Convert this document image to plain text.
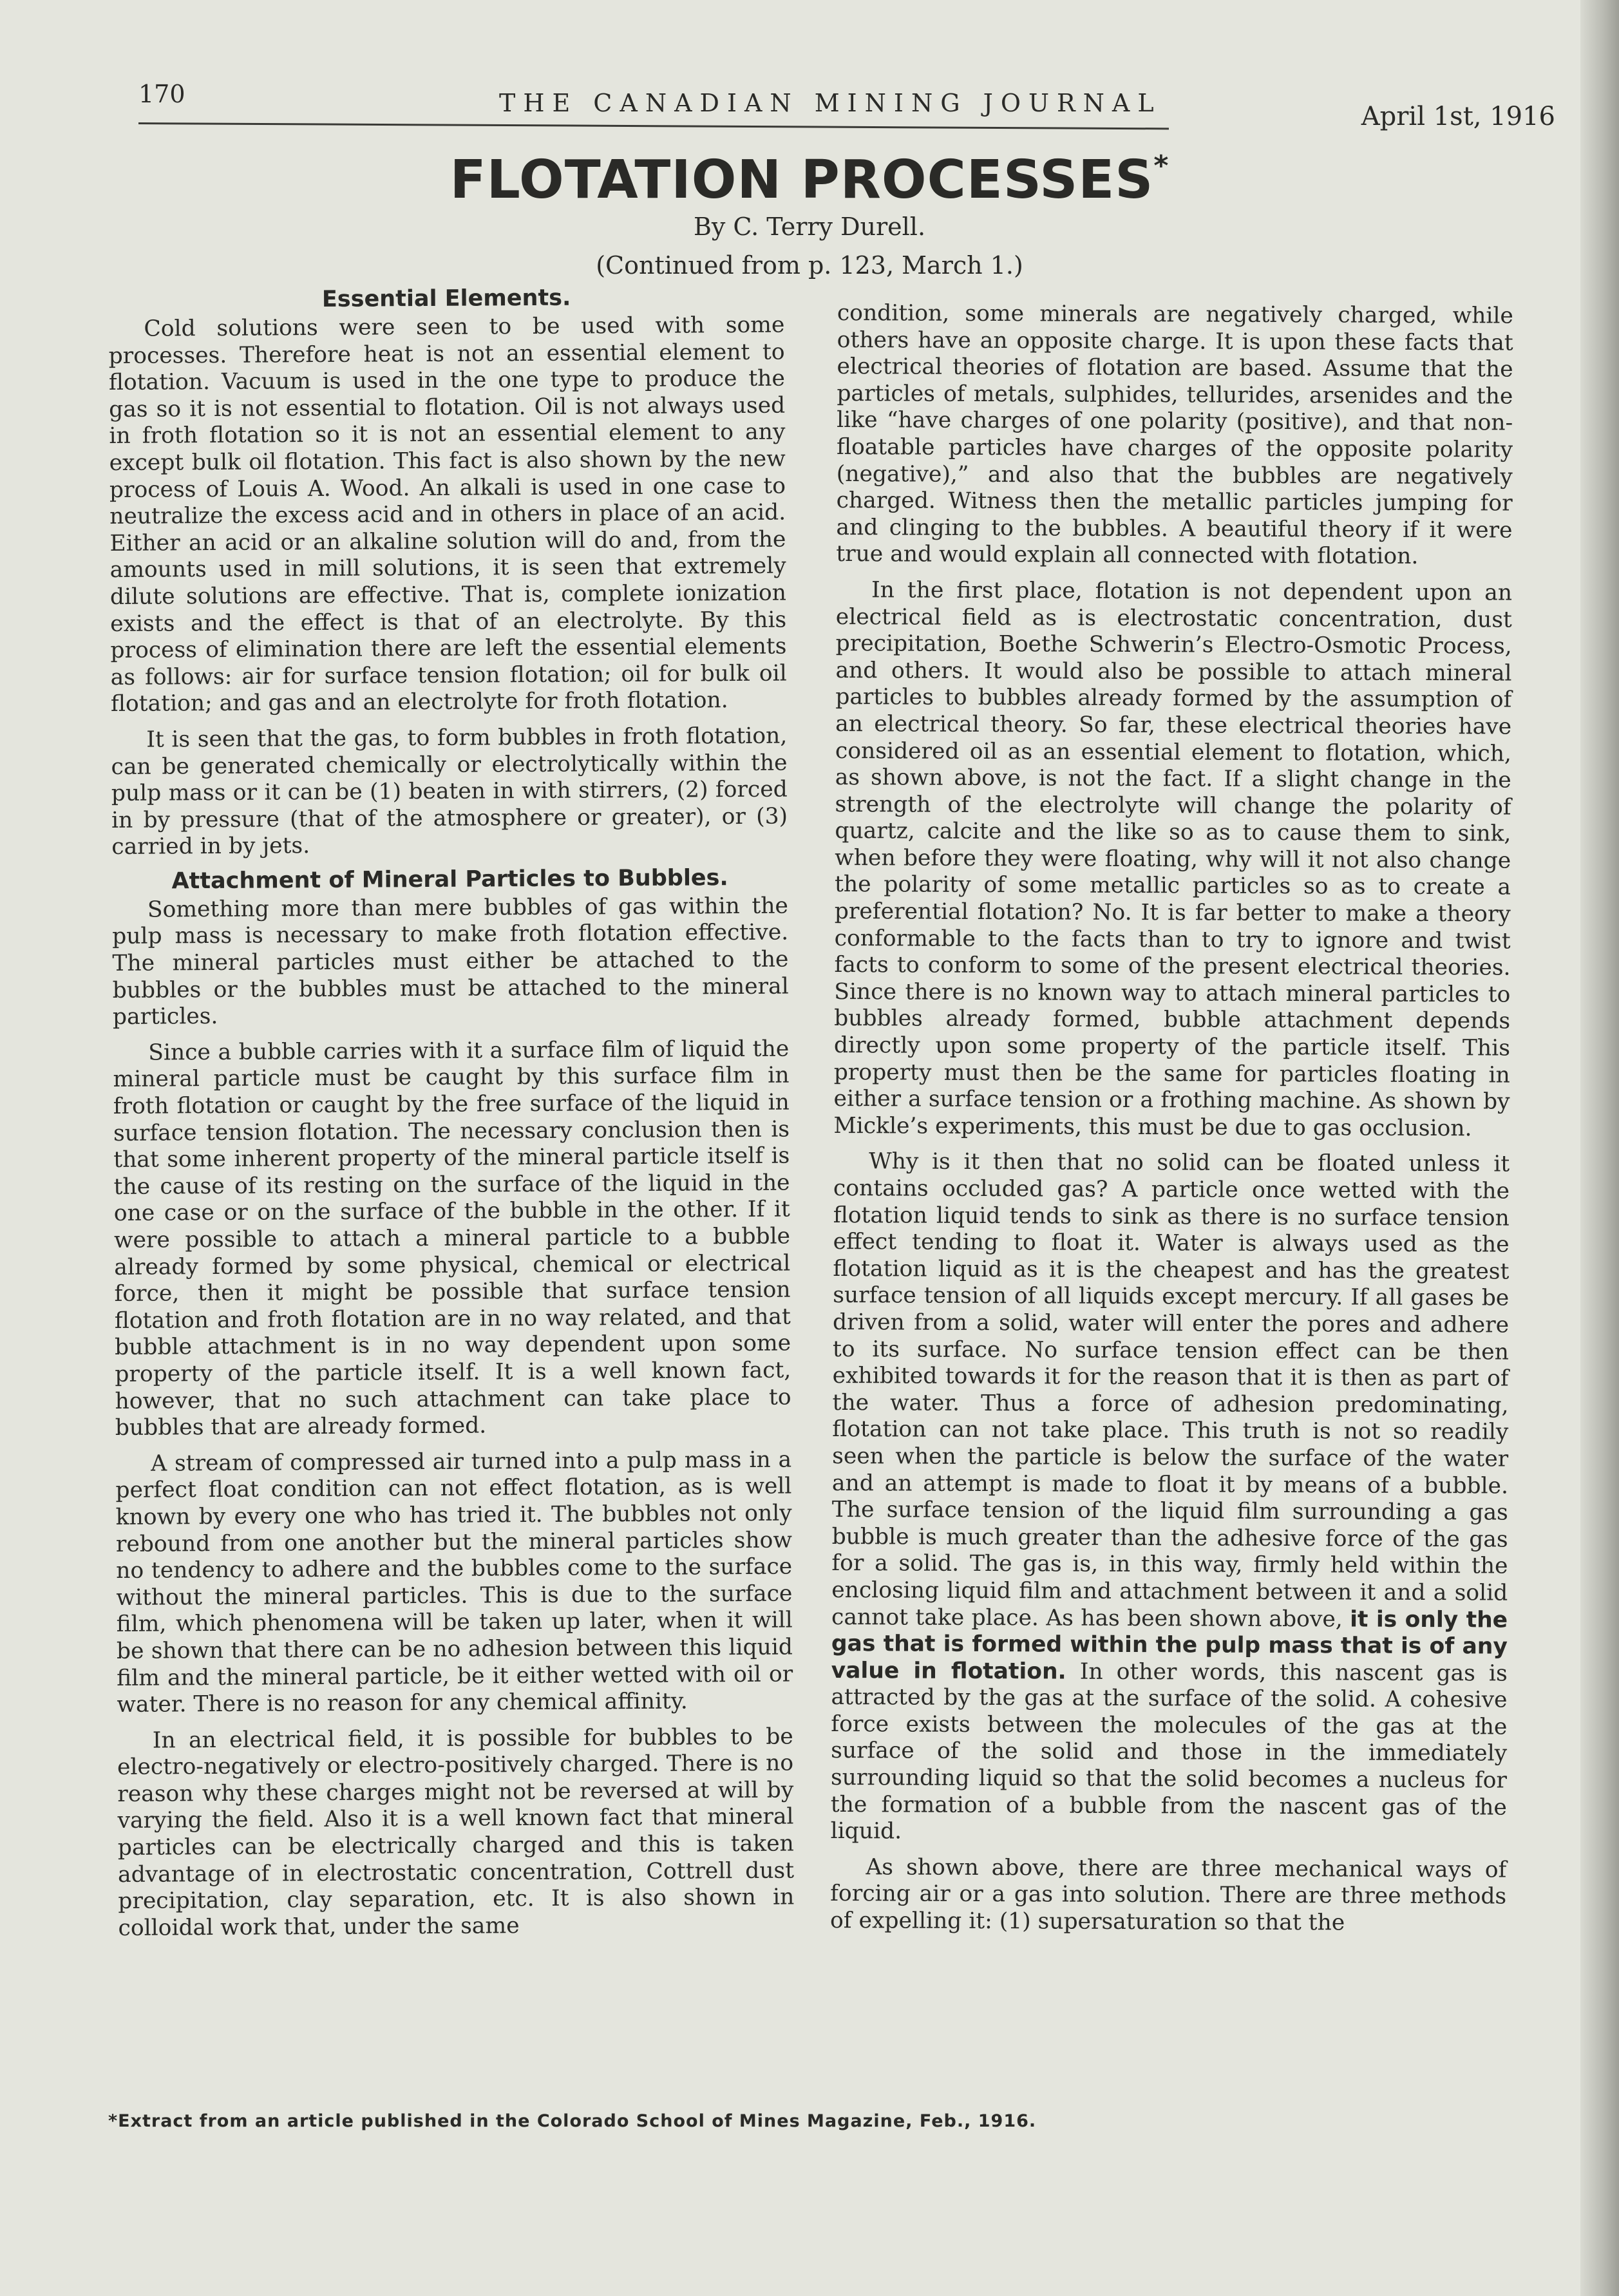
170	THE CANADIAN MINING JOURNAL	April 1st, 1916
FLOTATION PROCESSES*
By C. Terry Durell.
(Continued from p. 123, March 1.)
Essential Elements.

Cold solutions were seen to be used with some processes. Therefore heat is not an essential element to flotation. Vacuum is used in the one type to produce the gas so it is not essential to flotation. Oil is not always used in froth flotation so it is not an essential element to any except bulk oil flotation. This fact is also shown by the new process of Louis A. Wood. An alkali is used in one case to neutralize the excess acid and in others in place of an acid. Either an acid or an alkaline solution will do and, from the amounts used in mill solutions, it is seen that extremely dilute solutions are effective. That is, complete ionization exists and the effect is that of an electrolyte. By this process of elimination there are left the essential elements as follows: air for surface tension flotation; oil for bulk oil flotation; and gas and an electrolyte for froth flotation.

It is seen that the gas, to form bubbles in froth flotation, can be generated chemically or electrolytically within the pulp mass or it can be (1) beaten in with stirrers, (2) forced in by pressure (that of the atmosphere or greater), or (3) carried in by jets.

Attachment of Mineral Particles to Bubbles.

Something more than mere bubbles of gas within the pulp mass is necessary to make froth flotation effective. The mineral particles must either be attached to the bubbles or the bubbles must be attached to the mineral particles.

Since a bubble carries with it a surface film of liquid the mineral particle must be caught by this surface film in froth flotation or caught by the free surface of the liquid in surface tension flotation. The necessary conclusion then is that some inherent property of the mineral particle itself is the cause of its resting on the surface of the liquid in the one case or on the surface of the bubble in the other. If it were possible to attach a mineral particle to a bubble already formed by some physical, chemical or electrical force, then it might be possible that surface tension flotation and froth flotation are in no way related, and that bubble attachment is in no way dependent upon some property of the particle itself. It is a well known fact, however, that no such attachment can take place to bubbles that are already formed.

A stream of compressed air turned into a pulp mass in a perfect float condition can not effect flotation, as is well known by every one who has tried it. The bubbles not only rebound from one another but the mineral particles show no tendency to adhere and the bubbles come to the surface without the mineral particles. This is due to the surface film, which phenomena will be taken up later, when it will be shown that there can be no adhesion between this liquid film and the mineral particle, be it either wetted with oil or water. There is no reason for any chemical affinity.

In an electrical field, it is possible for bubbles to be electro-negatively or electro-positively charged. There is no reason why these charges might not be reversed at will by varying the field. Also it is a well known fact that mineral particles can be electrically charged and this is taken advantage of in electrostatic concentration, Cottrell dust precipitation, clay separation, etc. It is also shown in colloidal work that, under the same

condition, some minerals are negatively charged, while others have an opposite charge. It is upon these facts that electrical theories of flotation are based. Assume that the particles of metals, sulphides, tellurides, arsenides and the like “have charges of one polarity (positive), and that non-floatable particles have charges of the opposite polarity (negative),” and also that the bubbles are negatively charged. Witness then the metallic particles jumping for and clinging to the bubbles. A beautiful theory if it were true and would explain all connected with flotation.

In the first place, flotation is not dependent upon an electrical field as is electrostatic concentration, dust precipitation, Boethe Schwerin’s Electro-Osmotic Process, and others. It would also be possible to attach mineral particles to bubbles already formed by the assumption of an electrical theory. So far, these electrical theories have considered oil as an essential element to flotation, which, as shown above, is not the fact. If a slight change in the strength of the electrolyte will change the polarity of quartz, calcite and the like so as to cause them to sink, when before they were floating, why will it not also change the polarity of some metallic particles so as to create a preferential flotation? No. It is far better to make a theory conformable to the facts than to try to ignore and twist facts to conform to some of the present electrical theories. Since there is no known way to attach mineral particles to bubbles already formed, bubble attachment depends directly upon some property of the particle itself. This property must then be the same for particles floating in either a surface tension or a frothing machine. As shown by Mickle’s experiments, this must be due to gas occlusion.

Why is it then that no solid can be floated unless it contains occluded gas? A particle once wetted with the flotation liquid tends to sink as there is no surface tension effect tending to float it. Water is always used as the flotation liquid as it is the cheapest and has the greatest surface tension of all liquids except mercury. If all gases be driven from a solid, water will enter the pores and adhere to its surface. No surface tension effect can be then exhibited towards it for the reason that it is then as part of the water. Thus a force of adhesion predominating, flotation can not take place. This truth is not so readily seen when the particle is below the surface of the water and an attempt is made to float it by means of a bubble. The surface tension of the liquid film surrounding a gas bubble is much greater than the adhesive force of the gas for a solid. The gas is, in this way, firmly held within the enclosing liquid film and attachment between it and a solid cannot take place. As has been shown above, it is only the gas that is formed within the pulp mass that is of any value in flotation. In other words, this nascent gas is attracted by the gas at the surface of the solid. A cohesive force exists between the molecules of the gas at the surface of the solid and those in the immediately surrounding liquid so that the solid becomes a nucleus for the formation of a bubble from the nascent gas of the liquid.

As shown above, there are three mechanical ways of forcing air or a gas into solution. There are three methods of expelling it: (1) supersaturation so that the

*Extract from an article published in the Colorado School of Mines Magazine, Feb., 1916.
